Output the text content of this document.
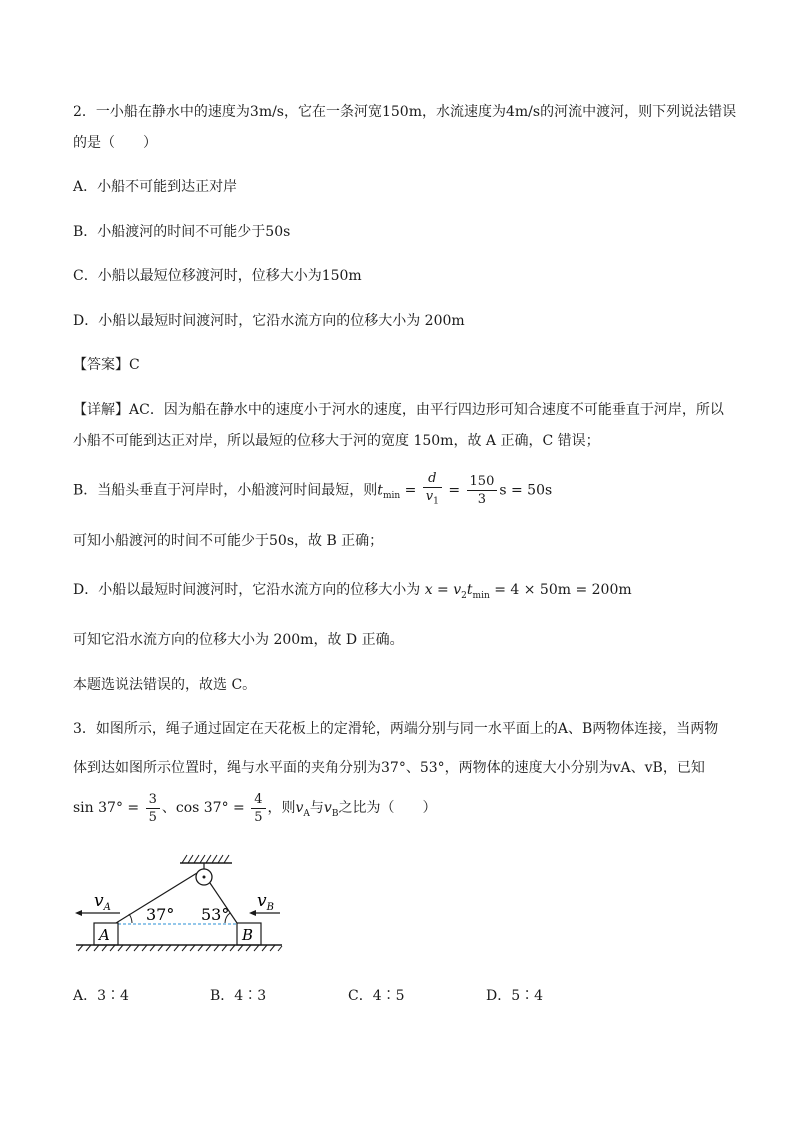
2．一小船在静水中的速度为3m/s，它在一条河宽150m，水流速度为4m/s的河流中渡河，则下列说法错误
的是（　　）
A．小船不可能到达正对岸
B．小船渡河的时间不可能少于50s
C．小船以最短位移渡河时，位移大小为150m
D．小船以最短时间渡河时，它沿水流方向的位移大小为 200m
【答案】C
【详解】AC．因为船在静水中的速度小于河水的速度，由平行四边形可知合速度不可能垂直于河岸，所以
小船不可能到达正对岸，所以最短的位移大于河的宽度 150m，故 A 正确，C 错误；
B．当船头垂直于河岸时，小船渡河时间最短，则$t_{min} = \frac{d}{v_1} = \frac{150}{3}$ s = 50s
可知小船渡河的时间不可能少于50s，故 B 正确；
D．小船以最短时间渡河时，它沿水流方向的位移大小为 $x = v_2t_{min} = 4 \times 50m = 200m$
可知它沿水流方向的位移大小为 200m，故 D 正确。
本题选说法错误的，故选 C。
3．如图所示，绳子通过固定在天花板上的定滑轮，两端分别与同一水平面上的A、B两物体连接，当两物
体到达如图所示位置时，绳与水平面的夹角分别为37°、53°，两物体的速度大小分别为vA、vB，已知
$\sin 37^\circ = \frac{3}{5}$ 、$\cos 37^\circ = \frac{4}{5}$ ，则$v_A$与$v_B$之比为（　　）
A	B
$v_A$	$v_B$
37° 53°
A．3∶4	B．4∶3	C．4∶5	D．5∶4
